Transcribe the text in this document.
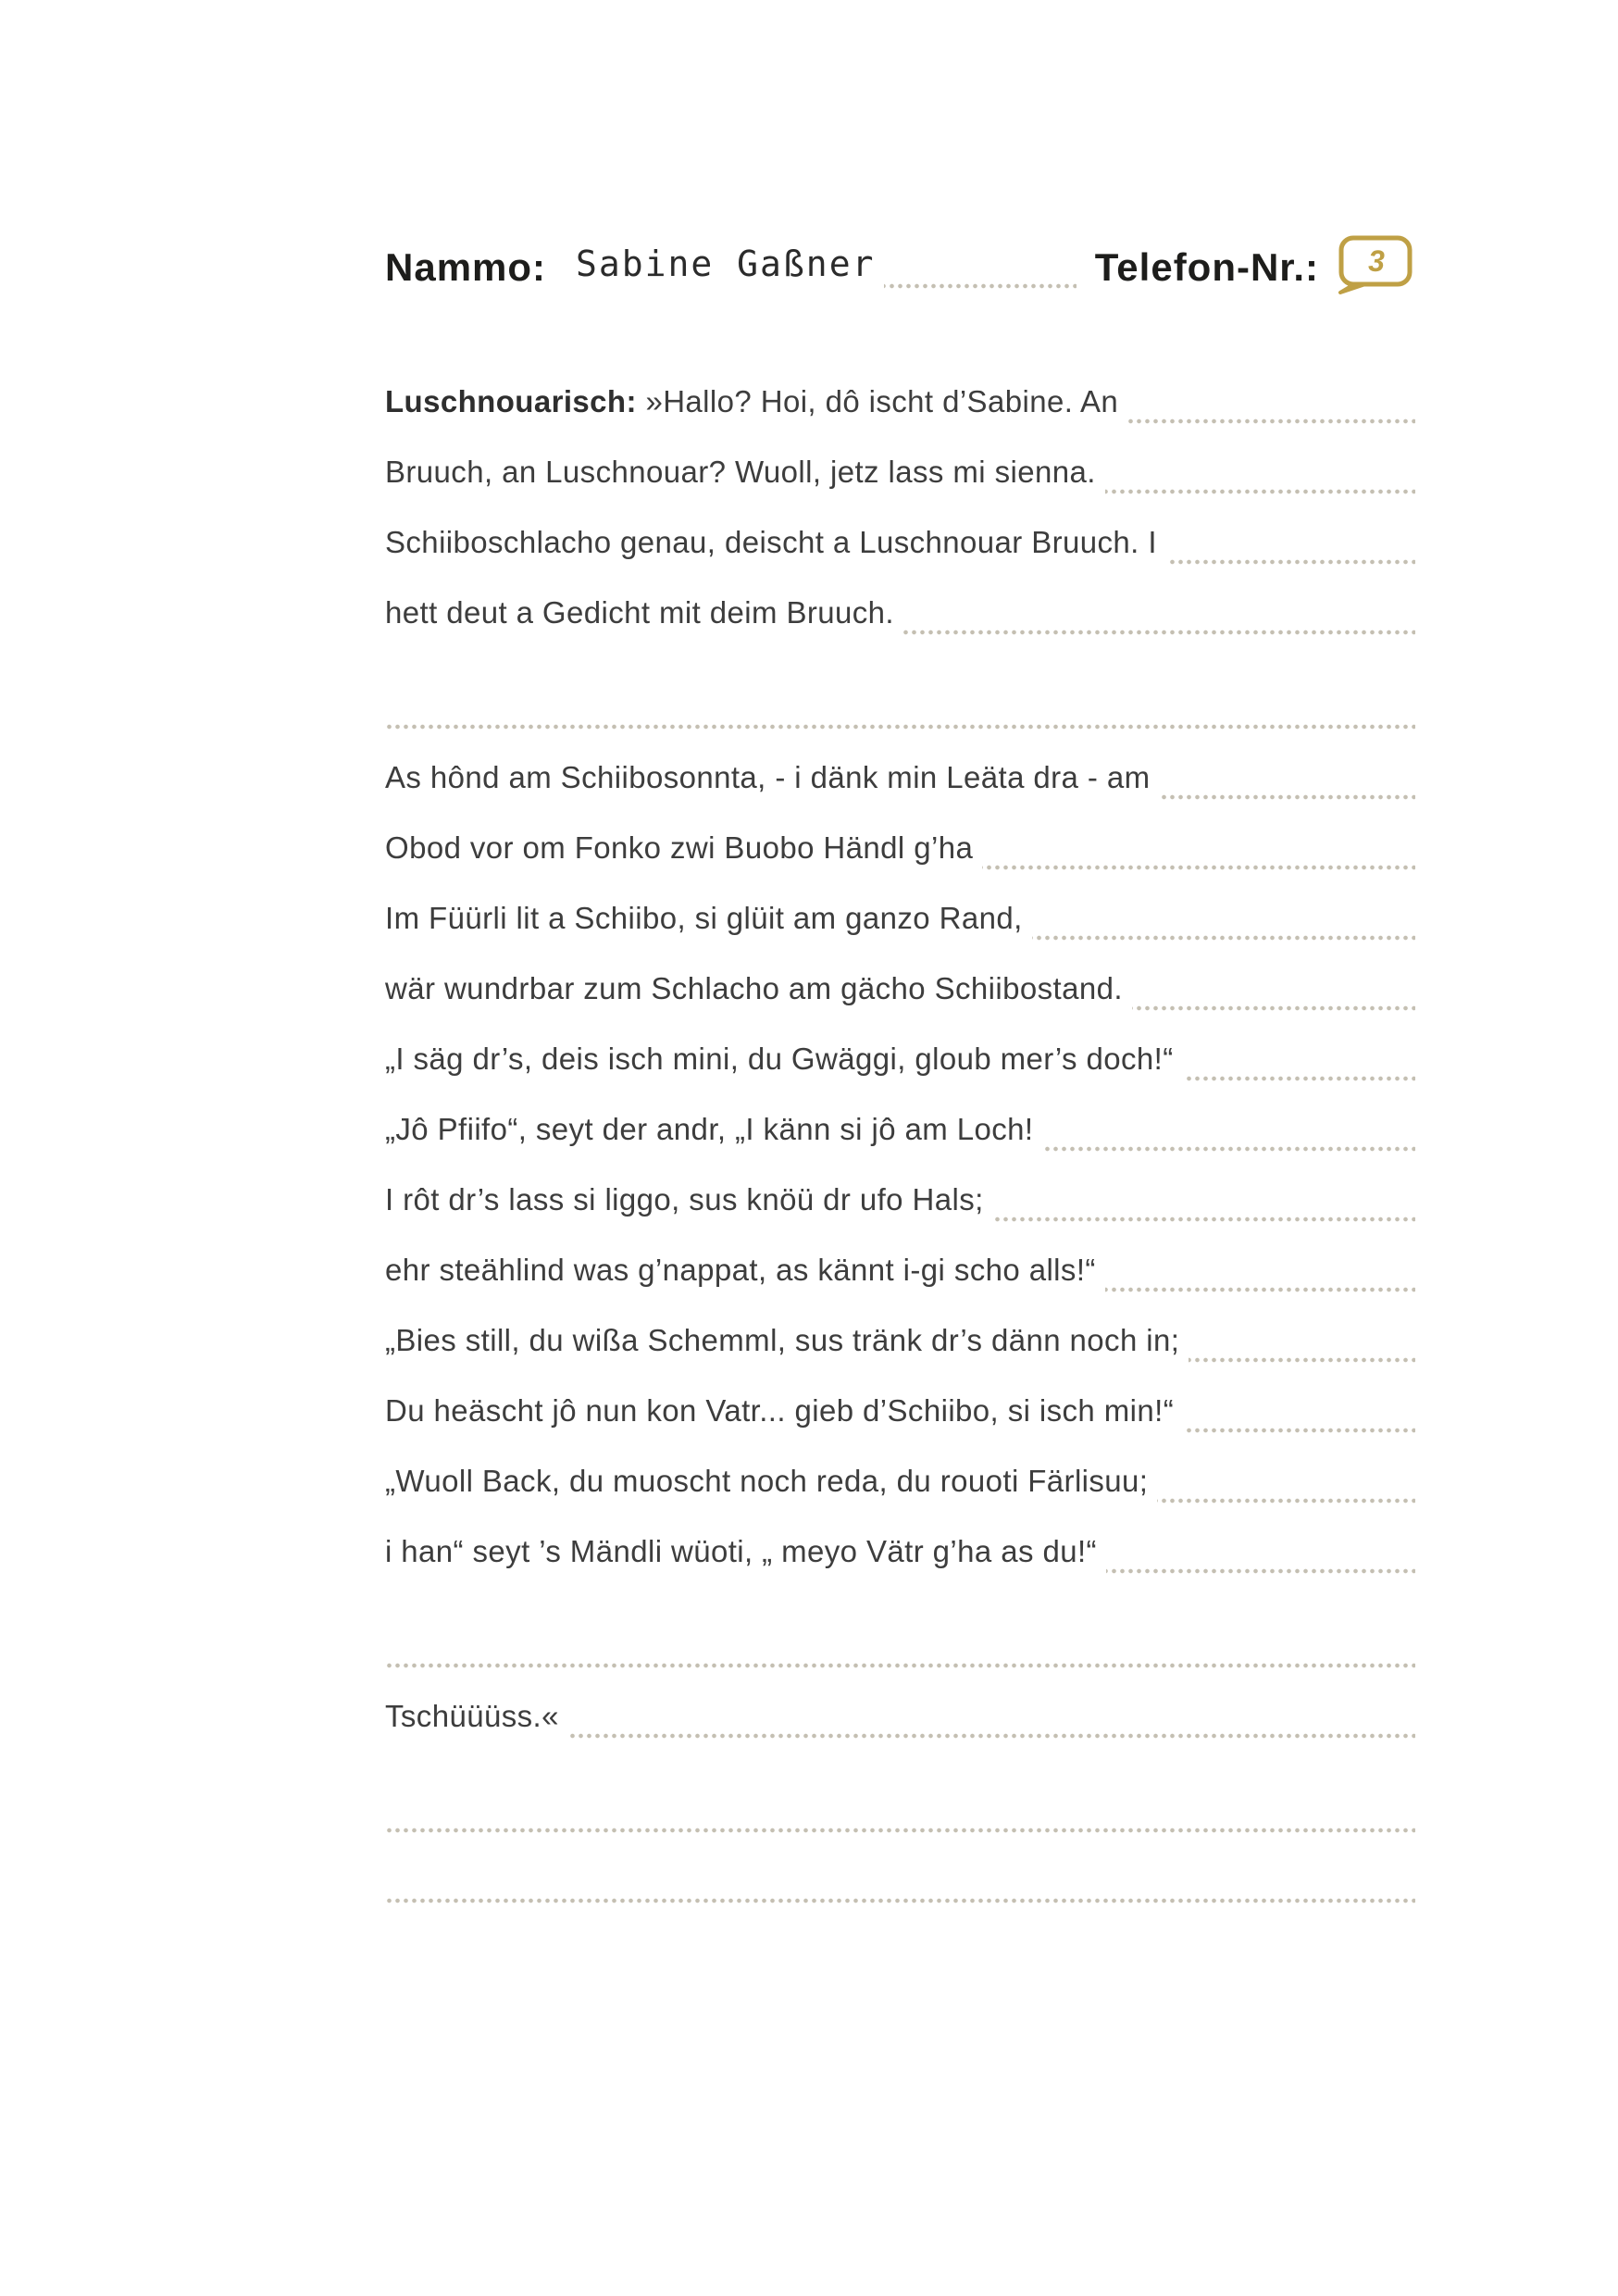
Nammo: Sabine Gaßner	Telefon-Nr.: 3
Luschnouarisch: »Hallo? Hoi, dô ischt d’Sabine. An
Bruuch, an Luschnouar? Wuoll, jetz lass mi sienna.
Schiiboschlacho genau, deischt a Luschnouar Bruuch. I
hett deut a Gedicht mit deim Bruuch.
As hônd am Schiibosonnta, - i dänk min Leäta dra - am
Obod vor om Fonko zwi Buobo Händl g’ha
Im Füürli lit a Schiibo, si glüit am ganzo Rand,
wär wundrbar zum Schlacho am gächo Schiibostand.
„I säg dr’s, deis isch mini, du Gwäggi, gloub mer’s doch!“
„Jô Pfiifo“, seyt der andr, „I känn si jô am Loch!
I rôt dr’s lass si liggo, sus knöü dr ufo Hals;
ehr steählind was g’nappat, as kännt i-gi scho alls!“
„Bies still, du wißa Schemml, sus tränk dr’s dänn noch in;
Du heäscht jô nun kon Vatr... gieb d’Schiibo, si isch min!“
„Wuoll Back, du muoscht noch reda, du rouoti Färlisuu;
i han“ seyt ’s Mändli wüoti, „ meyo Vätr g’ha as du!“
Tschüüüss.«
